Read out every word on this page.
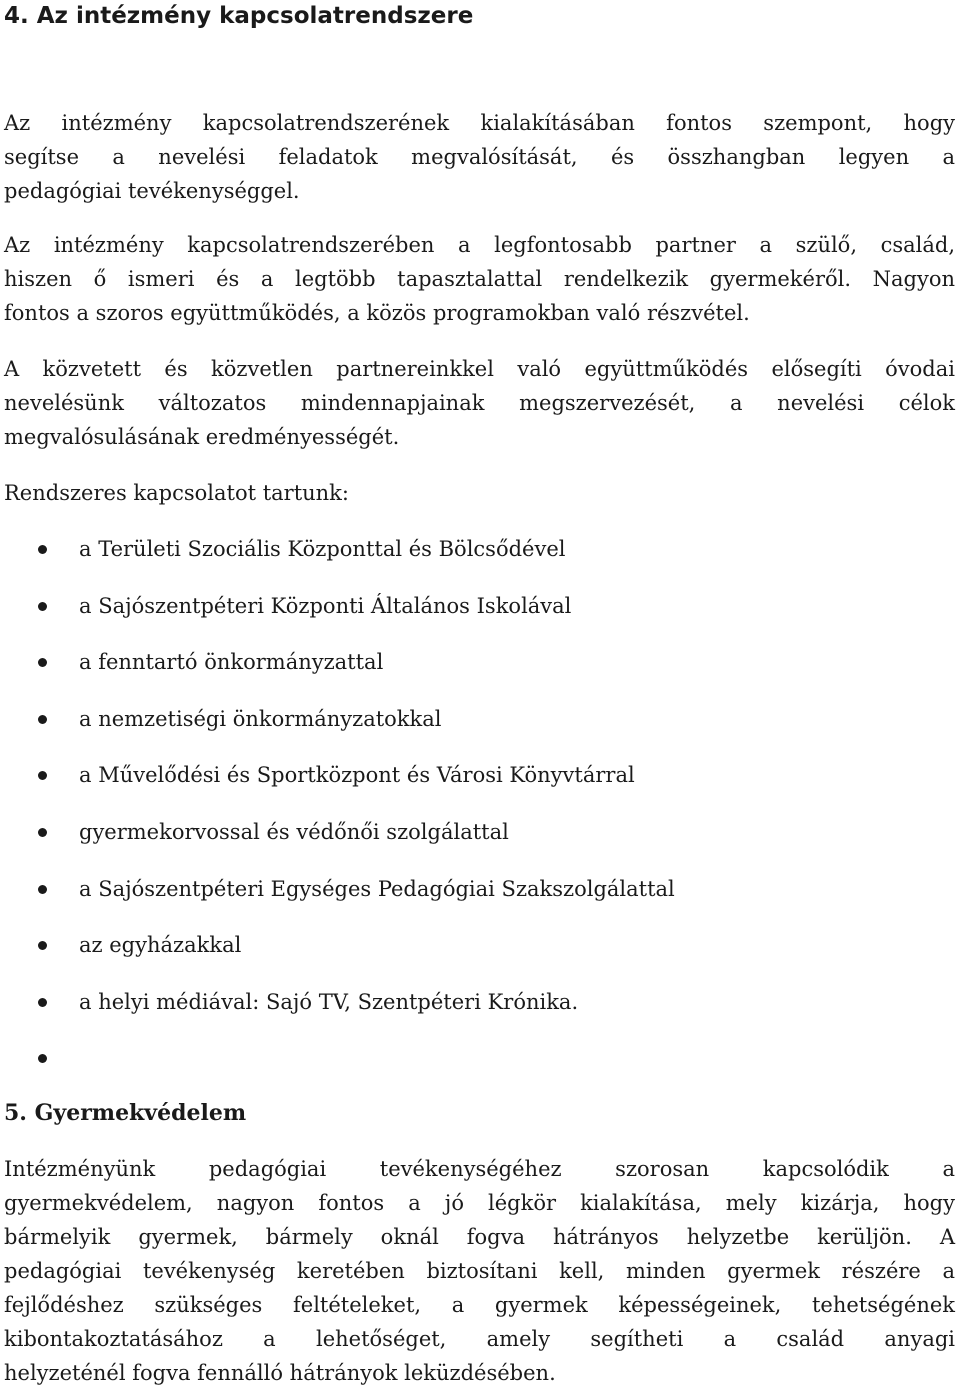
4. Az intézmény kapcsolatrendszere

Az intézmény kapcsolatrendszerének kialakításában fontos szempont, hogy
segítse a nevelési feladatok megvalósítását, és összhangban legyen a
pedagógiai tevékenységgel.

Az intézmény kapcsolatrendszerében a legfontosabb partner a szülő, család,
hiszen ő ismeri és a legtöbb tapasztalattal rendelkezik gyermekéről. Nagyon
fontos a szoros együttműködés, a közös programokban való részvétel.

A közvetett és közvetlen partnereinkkel való együttműködés elősegíti óvodai
nevelésünk változatos mindennapjainak megszervezését, a nevelési célok
megvalósulásának eredményességét.

Rendszeres kapcsolatot tartunk:
a Területi Szociális Központtal és Bölcsődével
a Sajószentpéteri Központi Általános Iskolával
a fenntartó önkormányzattal
a nemzetiségi önkormányzatokkal
a Művelődési és Sportközpont és Városi Könyvtárral
gyermekorvossal és védőnői szolgálattal
a Sajószentpéteri Egységes Pedagógiai Szakszolgálattal
az egyházakkal
a helyi médiával: Sajó TV, Szentpéteri Krónika.
5. Gyermekvédelem

Intézményünk pedagógiai tevékenységéhez szorosan kapcsolódik a
gyermekvédelem, nagyon fontos a jó légkör kialakítása, mely kizárja, hogy
bármelyik gyermek, bármely oknál fogva hátrányos helyzetbe kerüljön. A
pedagógiai tevékenység keretében biztosítani kell, minden gyermek részére a
fejlődéshez szükséges feltételeket, a gyermek képességeinek, tehetségének
kibontakoztatásához a lehetőséget, amely segítheti a család anyagi
helyzeténél fogva fennálló hátrányok leküzdésében.
